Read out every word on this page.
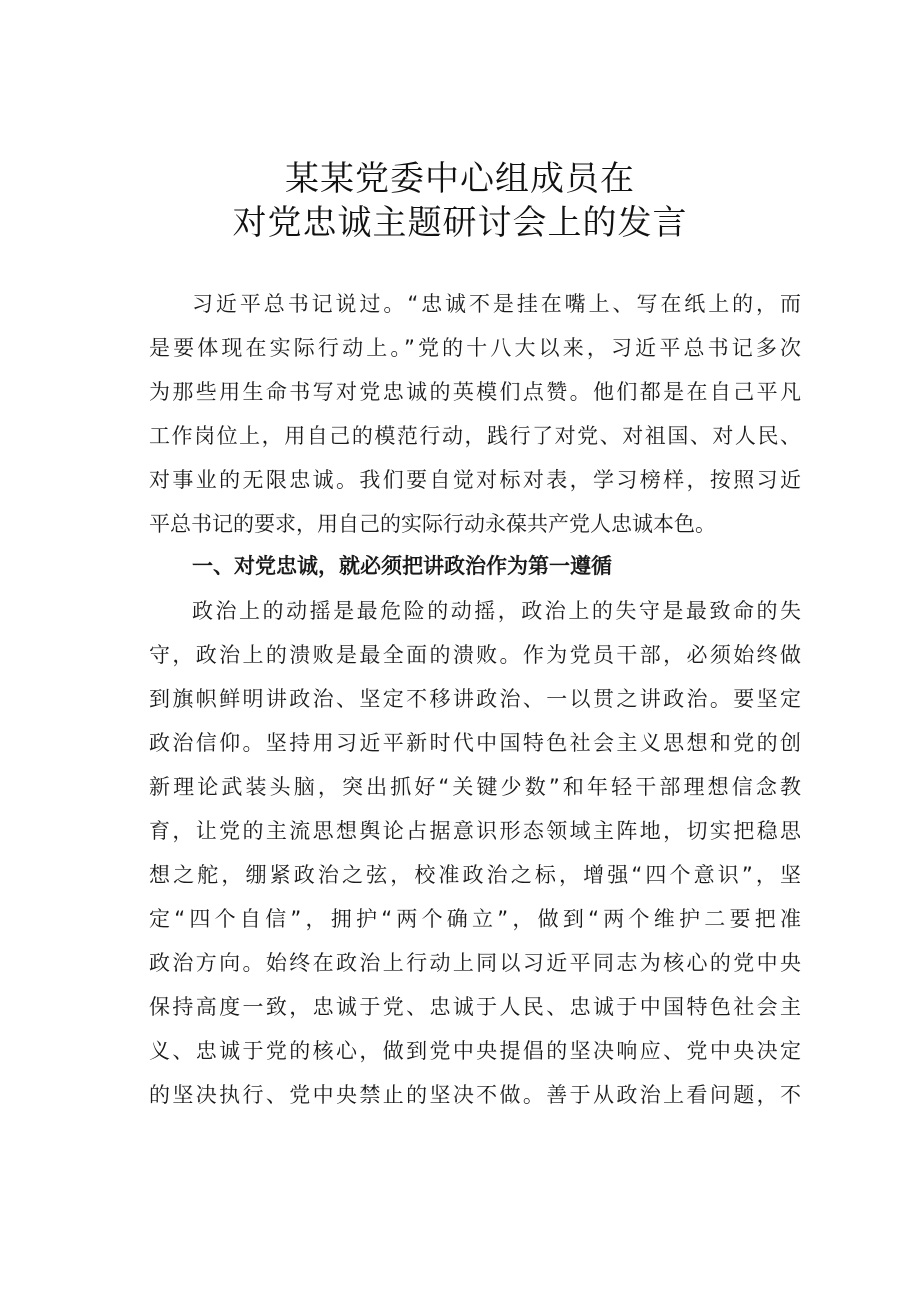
某某党委中心组成员在
对党忠诚主题研讨会上的发言
习近平总书记说过。“忠诚不是挂在嘴上、写在纸上的，而
是要体现在实际行动上。”党的十八大以来，习近平总书记多次
为那些用生命书写对党忠诚的英模们点赞。他们都是在自己平凡
工作岗位上，用自己的模范行动，践行了对党、对祖国、对人民、
对事业的无限忠诚。我们要自觉对标对表，学习榜样，按照习近
平总书记的要求，用自己的实际行动永葆共产党人忠诚本色。
一、对党忠诚，就必须把讲政治作为第一遵循
政治上的动摇是最危险的动摇，政治上的失守是最致命的失
守，政治上的溃败是最全面的溃败。作为党员干部，必须始终做
到旗帜鲜明讲政治、坚定不移讲政治、一以贯之讲政治。要坚定
政治信仰。坚持用习近平新时代中国特色社会主义思想和党的创
新理论武装头脑，突出抓好“关键少数”和年轻干部理想信念教
育，让党的主流思想舆论占据意识形态领域主阵地，切实把稳思
想之舵，绷紧政治之弦，校准政治之标，增强“四个意识”，坚
定“四个自信”，拥护“两个确立”，做到“两个维护二要把准
政治方向。始终在政治上行动上同以习近平同志为核心的党中央
保持高度一致，忠诚于党、忠诚于人民、忠诚于中国特色社会主
义、忠诚于党的核心，做到党中央提倡的坚决响应、党中央决定
的坚决执行、党中央禁止的坚决不做。善于从政治上看问题，不
